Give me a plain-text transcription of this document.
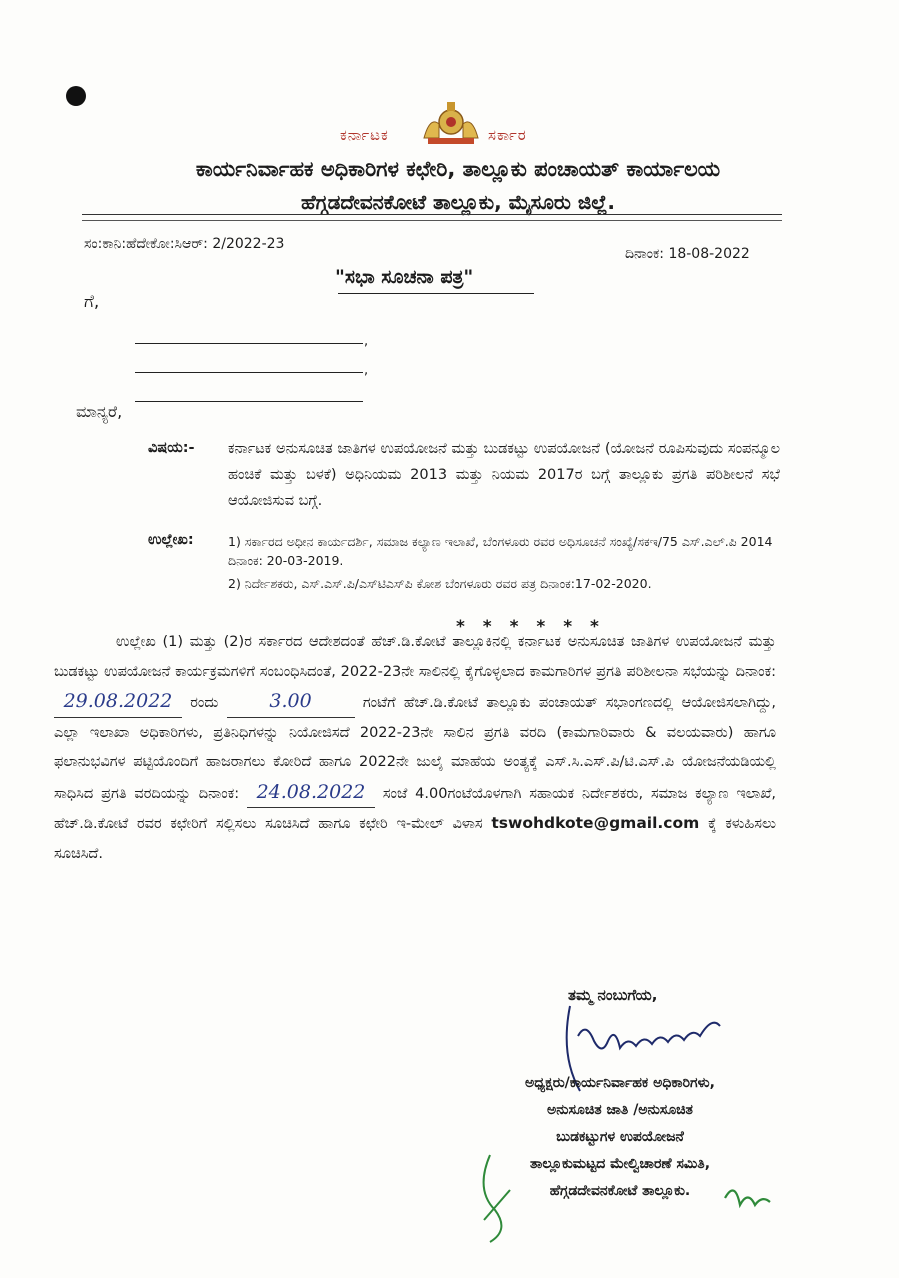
ಕರ್ನಾಟಕ	ಸರ್ಕಾರ
ಕಾರ್ಯನಿರ್ವಾಹಕ ಅಧಿಕಾರಿಗಳ ಕಛೇರಿ, ತಾಲ್ಲೂಕು ಪಂಚಾಯತ್ ಕಾರ್ಯಾಲಯ
ಹೆಗ್ಗಡದೇವನಕೋಟೆ ತಾಲ್ಲೂಕು, ಮೈಸೂರು ಜಿಲ್ಲೆ.
ಸಂ:ಕಾನಿ:ಹೆದೇಕೋ:ಸಿಆರ್: 2/2022-23
ದಿನಾಂಕ: 18-08-2022
"ಸಭಾ ಸೂಚನಾ ಪತ್ರ"
ಗೆ,
,
,
ಮಾನ್ಯರೆ,
ವಿಷಯ:- ಕರ್ನಾಟಕ ಅನುಸೂಚಿತ ಜಾತಿಗಳ ಉಪಯೋಜನೆ ಮತ್ತು ಬುಡಕಟ್ಟು ಉಪಯೋಜನೆ (ಯೋಜನೆ ರೂಪಿಸುವುದು ಸಂಪನ್ಮೂಲ ಹಂಚಿಕೆ ಮತ್ತು ಬಳಕೆ) ಅಧಿನಿಯಮ 2013 ಮತ್ತು ನಿಯಮ 2017ರ ಬಗ್ಗೆ ತಾಲ್ಲೂಕು ಪ್ರಗತಿ ಪರಿಶೀಲನೆ ಸಭೆ ಆಯೋಜಿಸುವ ಬಗ್ಗೆ.
ಉಲ್ಲೇಖ:	1) ಸರ್ಕಾರದ ಅಧೀನ ಕಾರ್ಯದರ್ಶಿ, ಸಮಾಜ ಕಲ್ಯಾಣ ಇಲಾಖೆ, ಬೆಂಗಳೂರು ರವರ ಅಧಿಸೂಚನೆ ಸಂಖ್ಯೆ/ಸಕಇ/75 ಎಸ್.ಎಲ್.ಪಿ 2014 ದಿನಾಂಕ: 20-03-2019.
2) ನಿರ್ದೇಶಕರು, ಎಸ್.ಎಸ್.ಪಿ/ಎಸ್‌ಟಿಎಸ್‌ಪಿ ಕೋಶ ಬೆಂಗಳೂರು ರವರ ಪತ್ರ ದಿನಾಂಕ:17-02-2020.
* * * * * *
ಉಲ್ಲೇಖ (1) ಮತ್ತು (2)ರ ಸರ್ಕಾರದ ಆದೇಶದಂತೆ ಹೆಚ್.ಡಿ.ಕೋಟೆ ತಾಲ್ಲೂಕಿನಲ್ಲಿ ಕರ್ನಾಟಕ ಅನುಸೂಚಿತ ಜಾತಿಗಳ ಉಪಯೋಜನೆ ಮತ್ತು ಬುಡಕಟ್ಟು ಉಪಯೋಜನೆ ಕಾರ್ಯಕ್ರಮಗಳಿಗೆ ಸಂಬಂಧಿಸಿದಂತೆ, 2022-23ನೇ ಸಾಲಿನಲ್ಲಿ ಕೈಗೊಳ್ಳಲಾದ ಕಾಮಗಾರಿಗಳ ಪ್ರಗತಿ ಪರಿಶೀಲನಾ ಸಭೆಯನ್ನು ದಿನಾಂಕ: 29.08.2022 ರಂದು	3.00	ಗಂಟೆಗೆ ಹೆಚ್.ಡಿ.ಕೋಟೆ ತಾಲ್ಲೂಕು ಪಂಚಾಯತ್ ಸಭಾಂಗಣದಲ್ಲಿ ಆಯೋಜಿಸಲಾಗಿದ್ದು, ಎಲ್ಲಾ ಇಲಾಖಾ ಅಧಿಕಾರಿಗಳು, ಪ್ರತಿನಿಧಿಗಳನ್ನು ನಿಯೋಜಿಸದೆ 2022-23ನೇ ಸಾಲಿನ ಪ್ರಗತಿ ವರದಿ (ಕಾಮಗಾರಿವಾರು & ವಲಯವಾರು) ಹಾಗೂ ಫಲಾನುಭವಿಗಳ ಪಟ್ಟಿಯೊಂದಿಗೆ ಹಾಜರಾಗಲು ಕೋರಿದೆ ಹಾಗೂ 2022ನೇ ಜುಲೈ ಮಾಹೆಯ ಅಂತ್ಯಕ್ಕೆ ಎಸ್.ಸಿ.ಎಸ್.ಪಿ/ಟಿ.ಎಸ್.ಪಿ ಯೋಜನೆಯಡಿಯಲ್ಲಿ ಸಾಧಿಸಿದ ಪ್ರಗತಿ ವರದಿಯನ್ನು ದಿನಾಂಕ: 24.08.2022 ಸಂಜೆ 4.00ಗಂಟೆಯೊಳಗಾಗಿ ಸಹಾಯಕ ನಿರ್ದೇಶಕರು, ಸಮಾಜ ಕಲ್ಯಾಣ ಇಲಾಖೆ, ಹೆಚ್.ಡಿ.ಕೋಟೆ ರವರ ಕಛೇರಿಗೆ ಸಲ್ಲಿಸಲು ಸೂಚಿಸಿದೆ ಹಾಗೂ ಕಛೇರಿ ಇ-ಮೇಲ್ ವಿಳಾಸ tswohdkote@gmail.com ಕ್ಕೆ ಕಳುಹಿಸಲು ಸೂಚಿಸಿದೆ.
ತಮ್ಮ ನಂಬುಗೆಯ,
ಅಧ್ಯಕ್ಷರು/ಕಾರ್ಯನಿರ್ವಾಹಕ ಅಧಿಕಾರಿಗಳು,
ಅನುಸೂಚಿತ ಜಾತಿ /ಅನುಸೂಚಿತ
ಬುಡಕಟ್ಟುಗಳ ಉಪಯೋಜನೆ
ತಾಲ್ಲೂಕುಮಟ್ಟದ ಮೇಲ್ವಿಚಾರಣೆ ಸಮಿತಿ,
ಹೆಗ್ಗಡದೇವನಕೋಟೆ ತಾಲ್ಲೂಕು.
